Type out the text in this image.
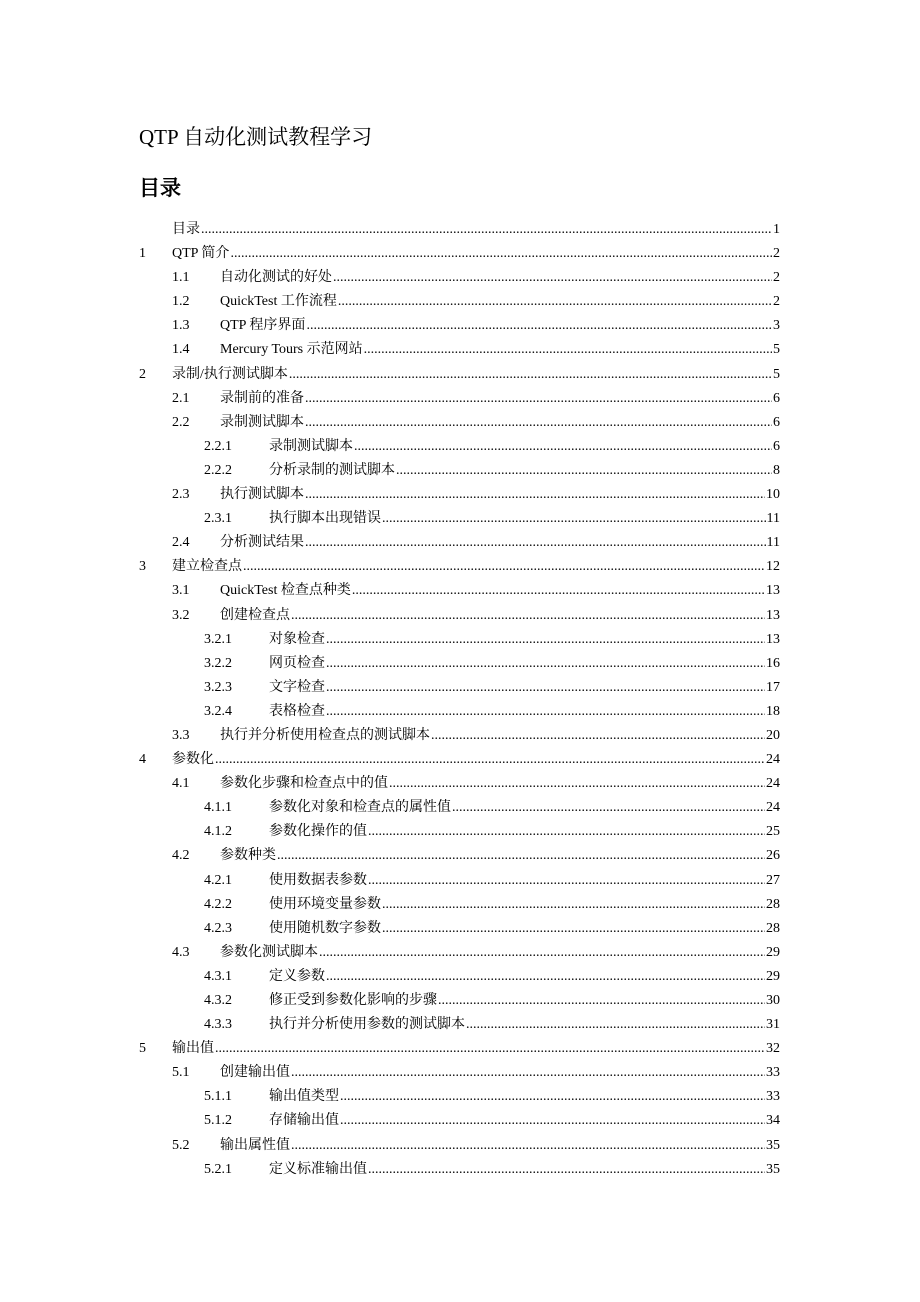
QTP 自动化测试教程学习
目录
目录 .....	1
1	QTP 简介 .....	2
1.1	自动化测试的好处 .....	2
1.2	QuickTest 工作流程 .....	2
1.3	QTP 程序界面 .....	3
1.4	Mercury Tours 示范网站 .....	5
2	录制/执行测试脚本 .....	5
2.1	录制前的准备 .....	6
2.2	录制测试脚本 .....	6
2.2.1	录制测试脚本 .....	6
2.2.2	分析录制的测试脚本 .....	8
2.3	执行测试脚本 .....	10
2.3.1	执行脚本出现错误 .....	11
2.4	分析测试结果 .....	11
3	建立检查点 .....	12
3.1	QuickTest 检查点种类 .....	13
3.2	创建检查点 .....	13
3.2.1	对象检查 .....	13
3.2.2	网页检查 .....	16
3.2.3	文字检查 .....	17
3.2.4	表格检查 .....	18
3.3	执行并分析使用检查点的测试脚本 .....	20
4	参数化 .....	24
4.1	参数化步骤和检查点中的值 .....	24
4.1.1	参数化对象和检查点的属性值 .....	24
4.1.2	参数化操作的值 .....	25
4.2	参数种类 .....	26
4.2.1	使用数据表参数 .....	27
4.2.2	使用环境变量参数 .....	28
4.2.3	使用随机数字参数 .....	28
4.3	参数化测试脚本 .....	29
4.3.1	定义参数 .....	29
4.3.2	修正受到参数化影响的步骤 .....	30
4.3.3	执行并分析使用参数的测试脚本 .....	31
5	输出值 .....	32
5.1	创建输出值 .....	33
5.1.1	输出值类型 .....	33
5.1.2	存储输出值 .....	34
5.2	输出属性值 .....	35
5.2.1	定义标准输出值 .....	35
